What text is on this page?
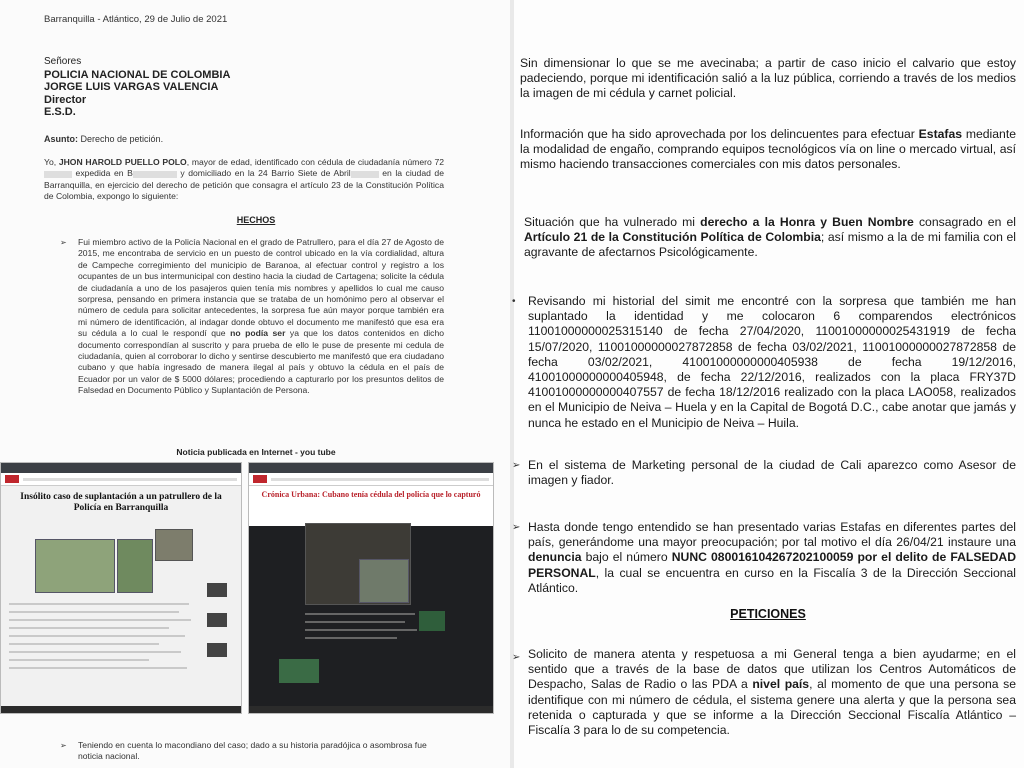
Barranquilla - Atlántico, 29 de Julio de 2021
Señores
POLICIA NACIONAL DE COLOMBIA
JORGE LUIS VARGAS VALENCIA
Director
E.S.D.
Asunto: Derecho de petición.
Yo, JHON HAROLD PUELLO POLO, mayor de edad, identificado con cédula de ciudadanía número 72 expedida en B	y domiciliado en la 24 Barrio Siete de Abril	en la ciudad de Barranquilla, en ejercicio del derecho de petición que consagra el artículo 23 de la Constitución Política de Colombia, expongo lo siguiente:
HECHOS
➢	Fui miembro activo de la Policía Nacional en el grado de Patrullero, para el día 27 de Agosto de 2015, me encontraba de servicio en un puesto de control ubicado en la vía cordialidad, altura de Campeche corregimiento del municipio de Baranoa, al efectuar control y registro a los ocupantes de un bus intermunicipal con destino hacia la ciudad de Cartagena; solicite la cédula de ciudadanía a uno de los pasajeros quien tenía mis nombres y apellidos lo cual me causo sorpresa, pensando en primera instancia que se trataba de un homónimo pero al observar el número de cedula para solicitar antecedentes, la sorpresa fue aún mayor porque también era mi número de identificación, al indagar donde obtuvo el documento me manifestó que esa era su cédula a lo cual le respondí que no podía ser ya que los datos contenidos en dicho documento correspondían al suscrito y para prueba de ello le puse de presente mi cedula de ciudadanía, quien al corroborar lo dicho y sentirse descubierto me manifestó que era ciudadano cubano y que había ingresado de manera ilegal al país y obtuvo la cédula en el país de Ecuador por un valor de $ 5000 dólares; procediendo a capturarlo por los presuntos delitos de Falsedad en Documento Público y Suplantación de Persona.
Noticia publicada en Internet - you tube
Insólito caso de suplantación a un patrullero de la Policía en Barranquilla
Crónica Urbana: Cubano tenía cédula del policía que lo capturó
➢ Teniendo en cuenta lo macondiano del caso; dado a su historia paradójica o asombrosa fue noticia nacional.
Sin dimensionar lo que se me avecinaba; a partir de caso inicio el calvario que estoy padeciendo, porque mi identificación salió a la luz pública, corriendo a través de los medios la imagen de mi cédula y carnet policial.
Información que ha sido aprovechada por los delincuentes para efectuar Estafas mediante la modalidad de engaño, comprando equipos tecnológicos vía on line o mercado virtual, así mismo haciendo transacciones comerciales con mis datos personales.
Situación que ha vulnerado mi derecho a la Honra y Buen Nombre consagrado en el Artículo 21 de la Constitución Política de Colombia; así mismo a la de mi familia con el agravante de afectarnos Psicológicamente.
• Revisando mi historial del simit me encontré con la sorpresa que también me han suplantado la identidad y me colocaron 6 comparendos electrónicos 11001000000025315140 de fecha 27/04/2020, 11001000000025431919 de fecha 15/07/2020, 11001000000027872858 de fecha 03/02/2021, 11001000000027872858 de fecha 03/02/2021, 41001000000000405938 de fecha 19/12/2016, 41001000000000405948, de fecha 22/12/2016, realizados con la placa FRY37D 41001000000000407557 de fecha 18/12/2016 realizado con la placa LAO058, realizados en el Municipio de Neiva – Huela y en la Capital de Bogotá D.C., cabe anotar que jamás y nunca he estado en el Municipio de Neiva – Huila.
➢ En el sistema de Marketing personal de la ciudad de Cali aparezco como Asesor de imagen y fiador.
➢ Hasta donde tengo entendido se han presentado varias Estafas en diferentes partes del país, generándome una mayor preocupación; por tal motivo el día 26/04/21 instaure una denuncia bajo el número NUNC 080016104267202100059 por el delito de FALSEDAD PERSONAL, la cual se encuentra en curso en la Fiscalía 3 de la Dirección Seccional Atlántico.
PETICIONES
➢ Solicito de manera atenta y respetuosa a mi General tenga a bien ayudarme; en el sentido que a través de la base de datos que utilizan los Centros Automáticos de Despacho, Salas de Radio o las PDA a nivel país, al momento de que una persona se identifique con mi número de cédula, el sistema genere una alerta y que la persona sea retenida o capturada y que se informe a la Dirección Seccional Fiscalía Atlántico – Fiscalía 3 para lo de su competencia.
